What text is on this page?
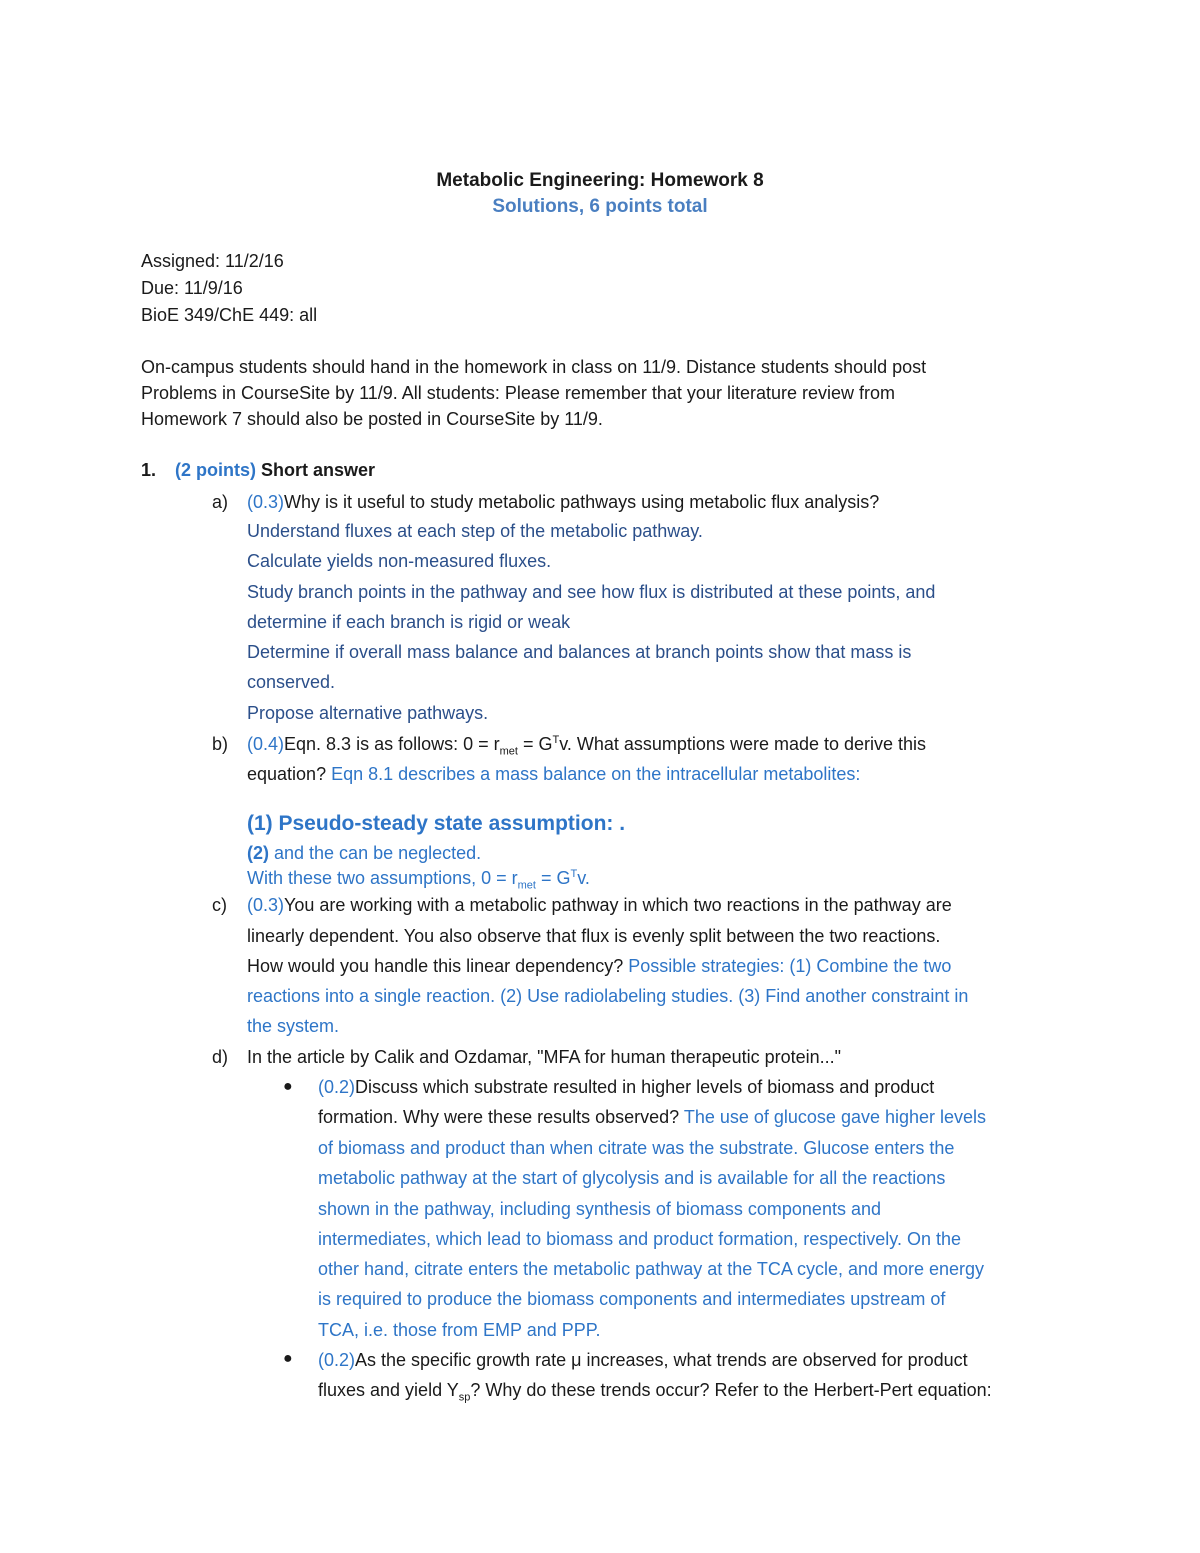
Metabolic Engineering: Homework 8
Solutions, 6 points total
Assigned: 11/2/16
Due: 11/9/16
BioE 349/ChE 449: all
On-campus students should hand in the homework in class on 11/9. Distance students should post
Problems in CourseSite by 11/9. All students: Please remember that your literature review from
Homework 7 should also be posted in CourseSite by 11/9.
1. (2 points) Short answer
a) (0.3)Why is it useful to study metabolic pathways using metabolic flux analysis?
Understand fluxes at each step of the metabolic pathway.
Calculate yields non-measured fluxes.
Study branch points in the pathway and see how flux is distributed at these points, and
determine if each branch is rigid or weak
Determine if overall mass balance and balances at branch points show that mass is
conserved.
Propose alternative pathways.
b) (0.4)Eqn. 8.3 is as follows: $0 = r_{met} = G^Tv$. What assumptions were made to derive this
equation? Eqn 8.1 describes a mass balance on the intracellular metabolites:
(1) Pseudo-steady state assumption: .
(2) and the can be neglected.
With these two assumptions, $0 = r_{met} = G^Tv$.
c) (0.3)You are working with a metabolic pathway in which two reactions in the pathway are
linearly dependent. You also observe that flux is evenly split between the two reactions.
How would you handle this linear dependency? Possible strategies: (1) Combine the two
reactions into a single reaction. (2) Use radiolabeling studies. (3) Find another constraint in
the system.
d) In the article by Calik and Ozdamar, "MFA for human therapeutic protein..."
● (0.2)Discuss which substrate resulted in higher levels of biomass and product
formation. Why were these results observed? The use of glucose gave higher levels
of biomass and product than when citrate was the substrate. Glucose enters the
metabolic pathway at the start of glycolysis and is available for all the reactions
shown in the pathway, including synthesis of biomass components and
intermediates, which lead to biomass and product formation, respectively. On the
other hand, citrate enters the metabolic pathway at the TCA cycle, and more energy
is required to produce the biomass components and intermediates upstream of
TCA, i.e. those from EMP and PPP.
● (0.2)As the specific growth rate μ increases, what trends are observed for product
fluxes and yield $Y_{sp}$? Why do these trends occur? Refer to the Herbert-Pert equation:
